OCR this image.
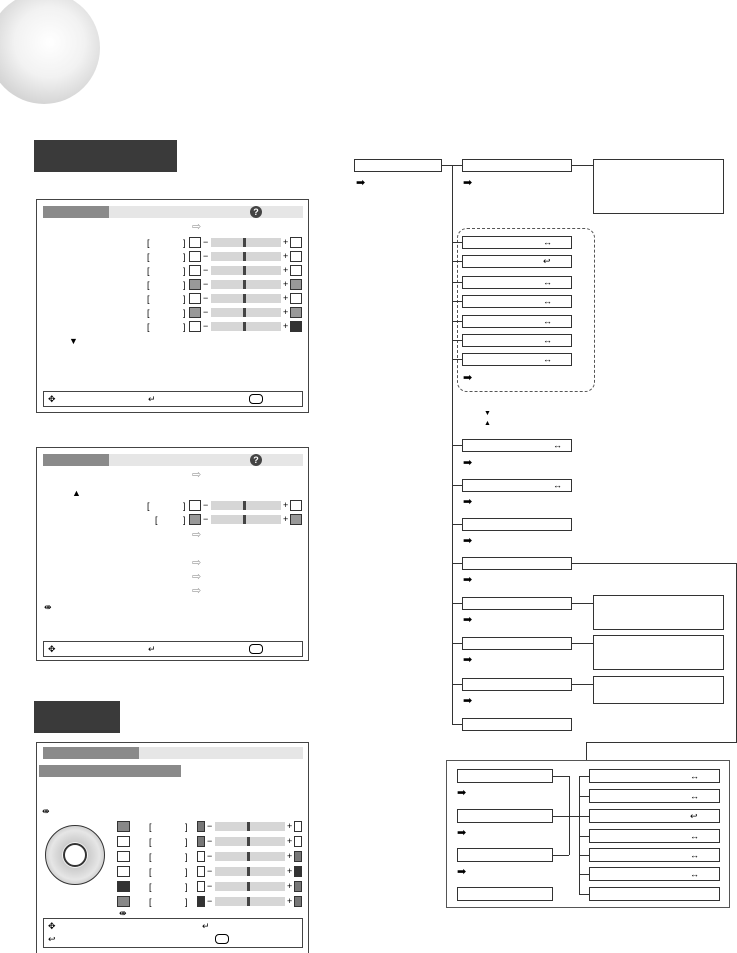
?
⇨
[	] −	+
[	] −	+
[	] −	+
[	] −	+
[	] −	+
[	] −	+
[	] −	+
▼
✥	↵
?
⇨
▲
[	] −	+
[	] −	+
⇨
⇨
⇨
⇨
⇼
✥	↵
⇼
[	] −	+
[	] −	+
[	] −	+
[	] −	+
[	] −	+
[	] −	+
⇼
✥
↩
↵
➡	➡
↔
↩
↔
↔
↔
↔
↔
➡
▼
▲
↔
➡
↔
➡
➡
➡
➡
➡
➡
➡
➡
➡
↔
↔
↩
↔
↔
↔
